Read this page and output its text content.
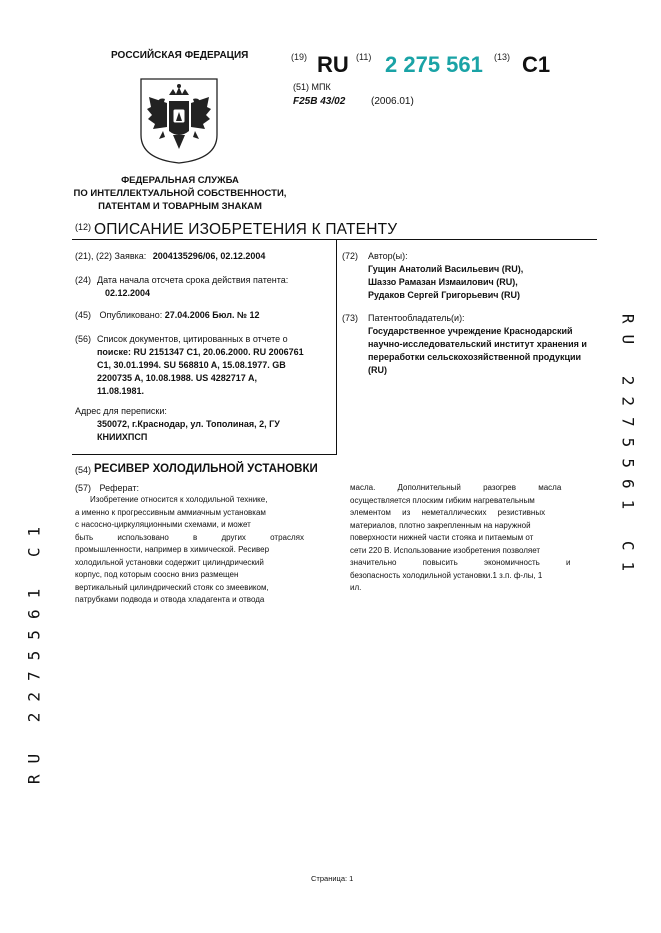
РОССИЙСКАЯ ФЕДЕРАЦИЯ
ФЕДЕРАЛЬНАЯ СЛУЖБА
ПО ИНТЕЛЛЕКТУАЛЬНОЙ СОБСТВЕННОСТИ,
ПАТЕНТАМ И ТОВАРНЫМ ЗНАКАМ
(19) RU (11) 2 275 561 (13) C1
(51) МПК
F25B 43/02	(2006.01)
(12) ОПИСАНИЕ ИЗОБРЕТЕНИЯ К ПАТЕНТУ
(21), (22) Заявка: 2004135296/06, 02.12.2004
(24) Дата начала отсчета срока действия патента:
02.12.2004
(45) Опубликовано: 27.04.2006 Бюл. № 12
(56) Список документов, цитированных в отчете о
поиске: RU 2151347 C1, 20.06.2000. RU 2006761
C1, 30.01.1994. SU 568810 A, 15.08.1977. GB
2200735 A, 10.08.1988. US 4282717 A,
11.08.1981.
Адрес для переписки:
350072, г.Краснодар, ул. Тополиная, 2, ГУ
КНИИХПСП
(72)	Автор(ы):
Гущин Анатолий Васильевич (RU),
Шаззо Рамазан Измаилович (RU),
Рудаков Сергей Григорьевич (RU)
(73)	Патентообладатель(и):
Государственное учреждение Краснодарский
научно-исследовательский институт хранения и
переработки сельскохозяйственной продукции
(RU)
(54) РЕСИВЕР ХОЛОДИЛЬНОЙ УСТАНОВКИ
(57) Реферат:
Изобретение относится к холодильной технике,
а именно к прогрессивным аммиачным установкам
с насосно-циркуляционными схемами, и может
быть использовано в других отраслях
промышленности, например в химической. Ресивер
холодильной установки содержит цилиндрический
корпус, под которым соосно вниз размещен
вертикальный цилиндрический стояк со змеевиком,
патрубками подвода и отвода хладагента и отвода
масла. Дополнительный разогрев масла
осуществляется плоским гибким нагревательным
элементом из неметаллических резистивных
материалов, плотно закрепленным на наружной
поверхности нижней части стояка и питаемым от
сети 220 В. Использование изобретения позволяет
значительно повысить экономичность и
безопасность холодильной установки.1 з.п. ф-лы, 1
ил.
RU 2275561 C1
RU 2275561 C1
Страница: 1
